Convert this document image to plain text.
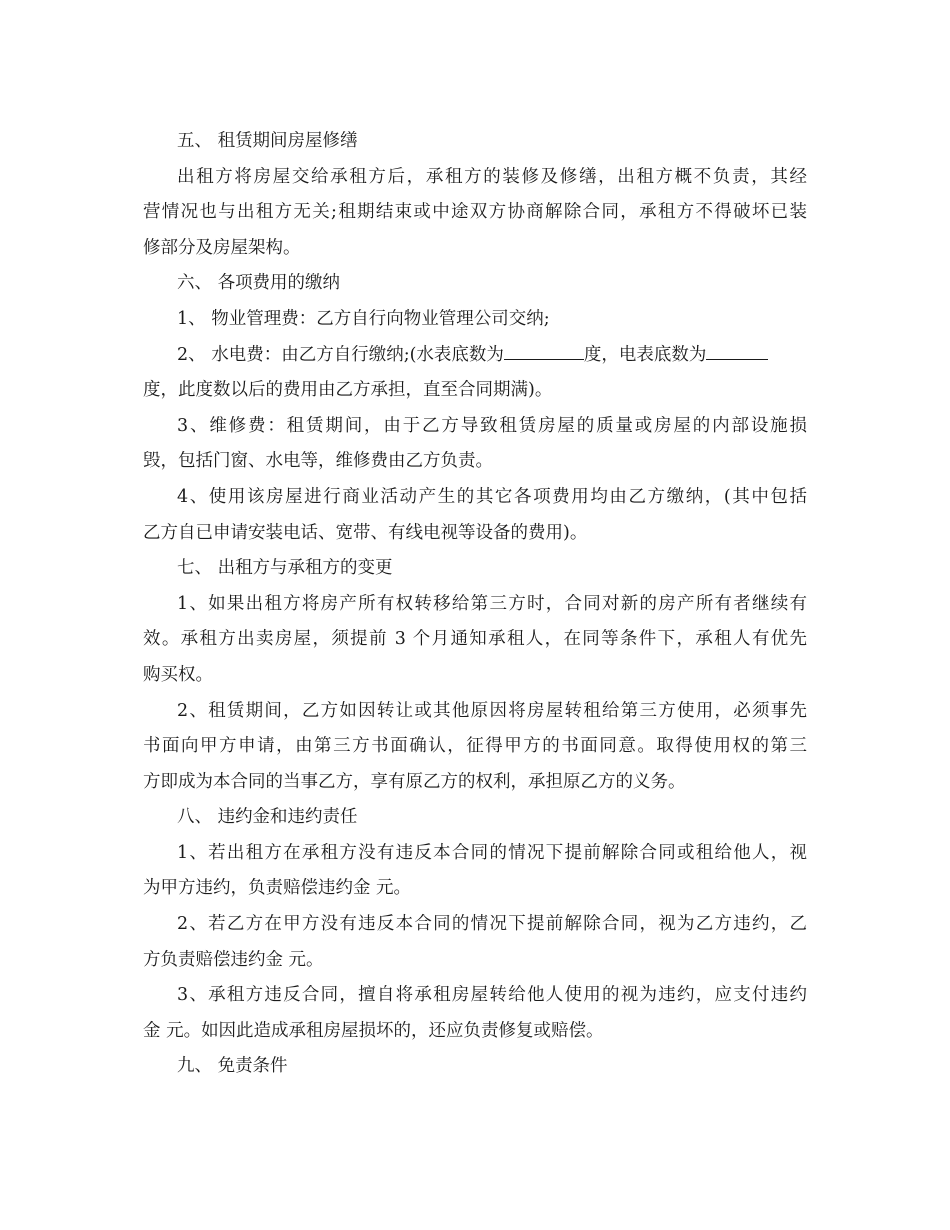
五、 租赁期间房屋修缮
出租方将房屋交给承租方后，承租方的装修及修缮，出租方概不负责，其经
营情况也与出租方无关;租期结束或中途双方协商解除合同，承租方不得破坏已装
修部分及房屋架构。
六、 各项费用的缴纳
1、 物业管理费：乙方自行向物业管理公司交纳;
2、 水电费：由乙方自行缴纳;(水表底数为	度，电表底数为
度，此度数以后的费用由乙方承担，直至合同期满)。
3、维修费：租赁期间，由于乙方导致租赁房屋的质量或房屋的内部设施损
毁，包括门窗、水电等，维修费由乙方负责。
4、使用该房屋进行商业活动产生的其它各项费用均由乙方缴纳，(其中包括
乙方自已申请安装电话、宽带、有线电视等设备的费用)。
七、 出租方与承租方的变更
1、如果出租方将房产所有权转移给第三方时，合同对新的房产所有者继续有
效。承租方出卖房屋，须提前 3 个月通知承租人，在同等条件下，承租人有优先
购买权。
2、租赁期间，乙方如因转让或其他原因将房屋转租给第三方使用，必须事先
书面向甲方申请，由第三方书面确认，征得甲方的书面同意。取得使用权的第三
方即成为本合同的当事乙方，享有原乙方的权利，承担原乙方的义务。
八、 违约金和违约责任
1、若出租方在承租方没有违反本合同的情况下提前解除合同或租给他人，视
为甲方违约，负责赔偿违约金 元。
2、若乙方在甲方没有违反本合同的情况下提前解除合同，视为乙方违约，乙
方负责赔偿违约金 元。
3、承租方违反合同，擅自将承租房屋转给他人使用的视为违约，应支付违约
金 元。如因此造成承租房屋损坏的，还应负责修复或赔偿。
九、 免责条件
